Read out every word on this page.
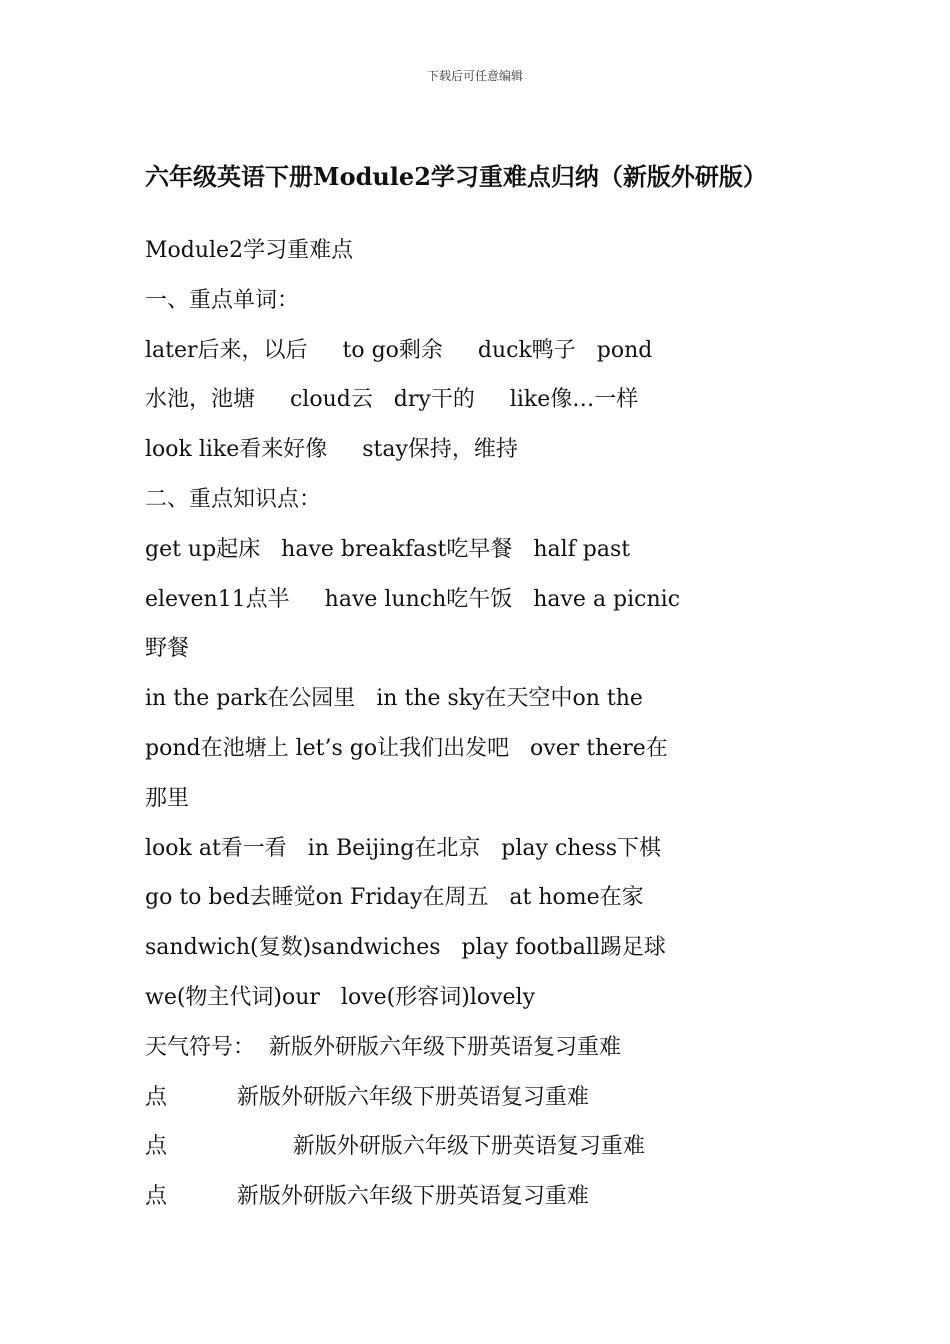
下载后可任意编辑
六年级英语下册Module2学习重难点归纳（新版外研版）
Module2学习重难点
一、重点单词：
later后来，以后     to go剩余     duck鸭子   pond
水池，池塘     cloud云   dry干的     like像…一样
look like看来好像     stay保持，维持
二、重点知识点：
get up起床   have breakfast吃早餐   half past
eleven11点半     have lunch吃午饭   have a picnic
野餐
in the park在公园里   in the sky在天空中on the
pond在池塘上 let’s go让我们出发吧   over there在
那里
look at看一看   in Beijing在北京   play chess下棋
go to bed去睡觉on Friday在周五   at home在家
sandwich(复数)sandwiches   play football踢足球
we(物主代词)our   love(形容词)lovely
天气符号：  新版外研版六年级下册英语复习重难
点          新版外研版六年级下册英语复习重难
点                  新版外研版六年级下册英语复习重难
点          新版外研版六年级下册英语复习重难
